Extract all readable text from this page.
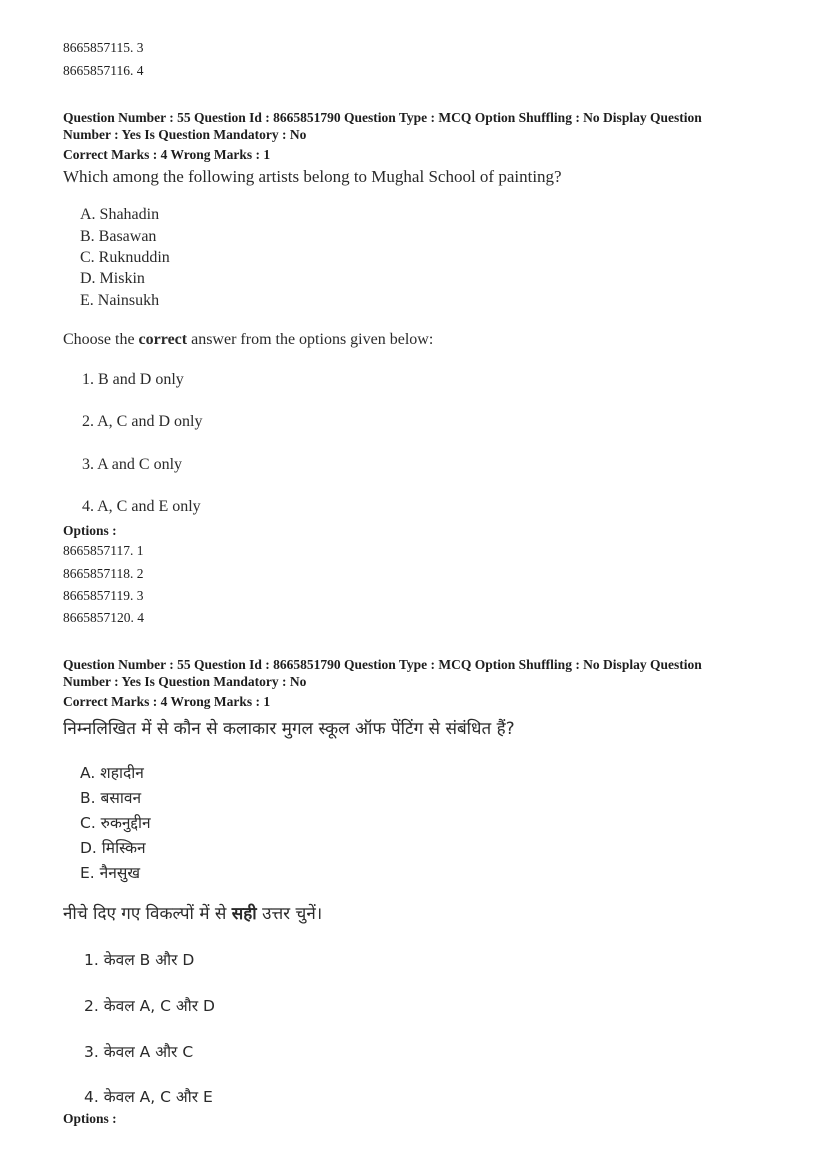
8665857115. 3
8665857116. 4
Question Number : 55 Question Id : 8665851790 Question Type : MCQ Option Shuffling : No Display Question
Number : Yes Is Question Mandatory : No
Correct Marks : 4 Wrong Marks : 1
Which among the following artists belong to Mughal School of painting?
A. Shahadin
B. Basawan
C. Ruknuddin
D. Miskin
E. Nainsukh
Choose the correct answer from the options given below:
1. B and D only
2. A, C and D only
3. A and C only
4. A, C and E only
Options :
8665857117. 1
8665857118. 2
8665857119. 3
8665857120. 4
Question Number : 55 Question Id : 8665851790 Question Type : MCQ Option Shuffling : No Display Question
Number : Yes Is Question Mandatory : No
Correct Marks : 4 Wrong Marks : 1
निम्नलिखित में से कौन से कलाकार मुगल स्कूल ऑफ पेंटिंग से संबंधित हैं?
A. शहादीन
B. बसावन
C. रुकनुद्दीन
D. मिस्किन
E. नैनसुख
नीचे दिए गए विकल्पों में से सही उत्तर चुनें।
1. केवल B और D
2. केवल A, C और D
3. केवल A और C
4. केवल A, C और E
Options :
